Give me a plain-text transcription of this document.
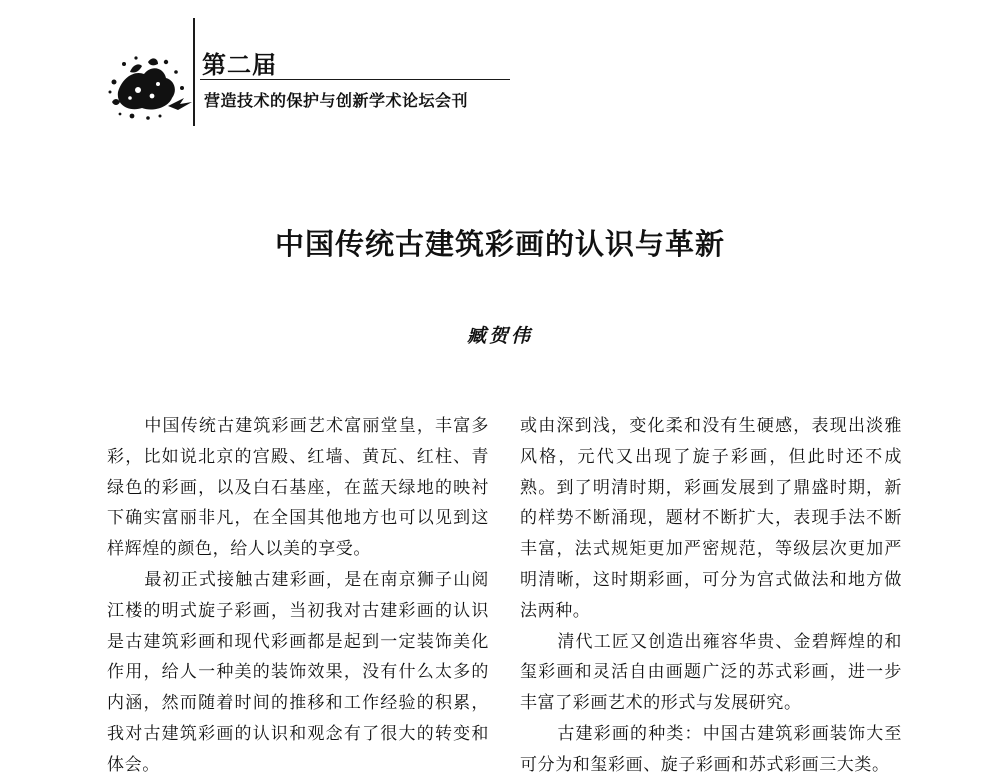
第二届
营造技术的保护与创新学术论坛会刊
中国传统古建筑彩画的认识与革新
臧贺伟

中国传统古建筑彩画艺术富丽堂皇，丰富多彩，比如说北京的宫殿、红墙、黄瓦、红柱、青绿色的彩画，以及白石基座，在蓝天绿地的映衬下确实富丽非凡，在全国其他地方也可以见到这样辉煌的颜色，给人以美的享受。

最初正式接触古建彩画，是在南京狮子山阅江楼的明式旋子彩画，当初我对古建彩画的认识是古建筑彩画和现代彩画都是起到一定装饰美化作用，给人一种美的装饰效果，没有什么太多的内涵，然而随着时间的推移和工作经验的积累，我对古建筑彩画的认识和观念有了很大的转变和体会。

或由深到浅，变化柔和没有生硬感，表现出淡雅风格，元代又出现了旋子彩画，但此时还不成熟。到了明清时期，彩画发展到了鼎盛时期，新的样势不断涌现，题材不断扩大，表现手法不断丰富，法式规矩更加严密规范，等级层次更加严明清晰，这时期彩画，可分为宫式做法和地方做法两种。

清代工匠又创造出雍容华贵、金碧辉煌的和玺彩画和灵活自由画题广泛的苏式彩画，进一步丰富了彩画艺术的形式与发展研究。

古建彩画的种类：中国古建筑彩画装饰大至可分为和玺彩画、旋子彩画和苏式彩画三大类。
